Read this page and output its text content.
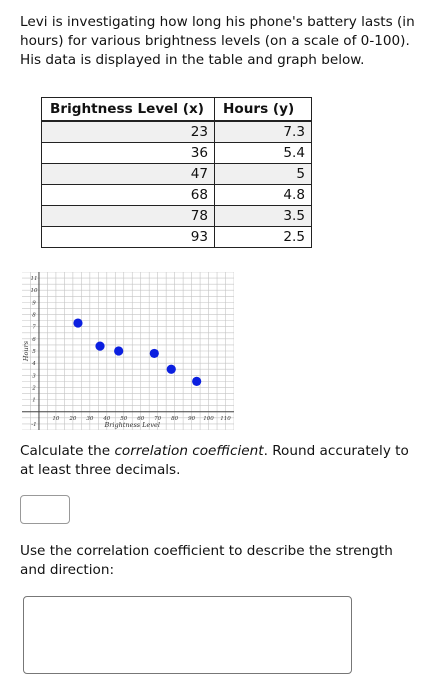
Levi is investigating how long his phone's battery lasts (in hours) for various brightness levels (on a scale of 0-100). His data is displayed in the table and graph below.

Brightness Level (x)	Hours (y)
23	7.3
36	5.4
47	5
68	4.8
78	3.5
93	2.5
10 20 30 40 50 60 70 80 90 100 110
-1
1
2
3
4
5
6
7
8
9
10
11
Brightness Level
Hours

Calculate the correlation coefficient. Round accurately to at least three decimals.

Use the correlation coefficient to describe the strength and direction:
